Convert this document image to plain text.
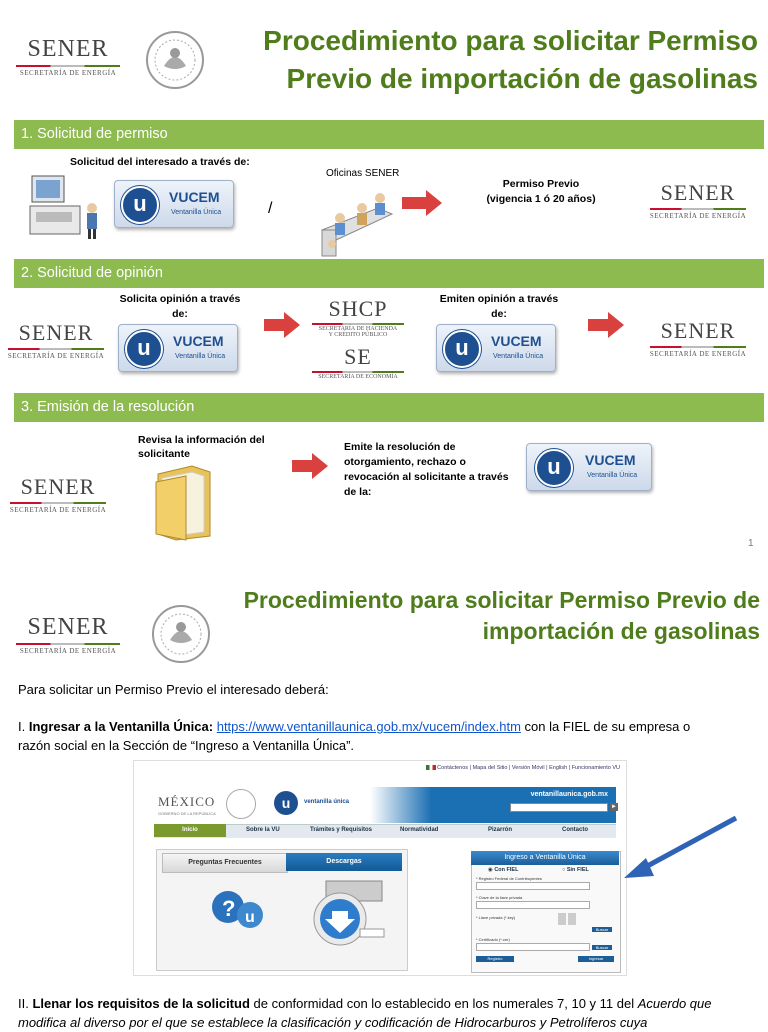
SENER
SECRETARÍA DE ENERGÍA
Procedimiento para solicitar Permiso
Previo de importación de gasolinas
1. Solicitud de permiso
Solicitud del interesado a través de:
u	VUCEM
Ventanilla Única	/
Oficinas SENER
Permiso Previo
(vigencia 1 ó 20 años)	SENER
SECRETARÍA DE ENERGÍA
2. Solicitud de opinión
SENER
SECRETARÍA DE ENERGÍA
Solicita opinión a través
de:
u	VUCEM
Ventanilla Única
SHCP
SECRETARÍA DE HACIENDA
Y CRÉDITO PÚBLICO
SE
SECRETARÍA DE ECONOMÍA
Emiten opinión a través
de:
u	VUCEM
Ventanilla Única
SENER
SECRETARÍA DE ENERGÍA
3. Emisión de la resolución
SENER
SECRETARÍA DE ENERGÍA
Revisa la información del
solicitante
Emite la resolución de
otorgamiento, rechazo o
revocación al solicitante a través
de la:
u	VUCEM
Ventanilla Única
1
SENER
SECRETARÍA DE ENERGÍA
Procedimiento para solicitar Permiso Previo de
importación de gasolinas
Para solicitar un Permiso Previo el interesado deberá:
I. Ingresar a la Ventanilla Única: https://www.ventanillaunica.gob.mx/vucem/index.htm con la FIEL de su empresa o
razón social en la Sección de “Ingreso a Ventanilla Única”.
Contáctenos | Mapa del Sitio | Versión Móvil | English | Funcionamiento VU
MÉXICO
GOBIERNO DE LA REPÚBLICA
u	ventanilla única
ventanillaunica.gob.mx
►
Inicio	Sobre la VU	Trámites y Requisitos	Normatividad	Pizarrón	Contacto
Preguntas Frecuentes	Descargas
? u
Ingreso a Ventanilla Única
◉ Con FIEL	○ Sin FIEL
* Registro Federal de Contribuyentes
* Clave de la llave privada
* Llave privada (*.key)
Buscar
* Certificado (*.cer)
Buscar
Registro	Ingresar
II. Llenar los requisitos de la solicitud de conformidad con lo establecido en los numerales 7, 10 y 11 del Acuerdo que
modifica al diverso por el que se establece la clasificación y codificación de Hidrocarburos y Petrolíferos cuya
